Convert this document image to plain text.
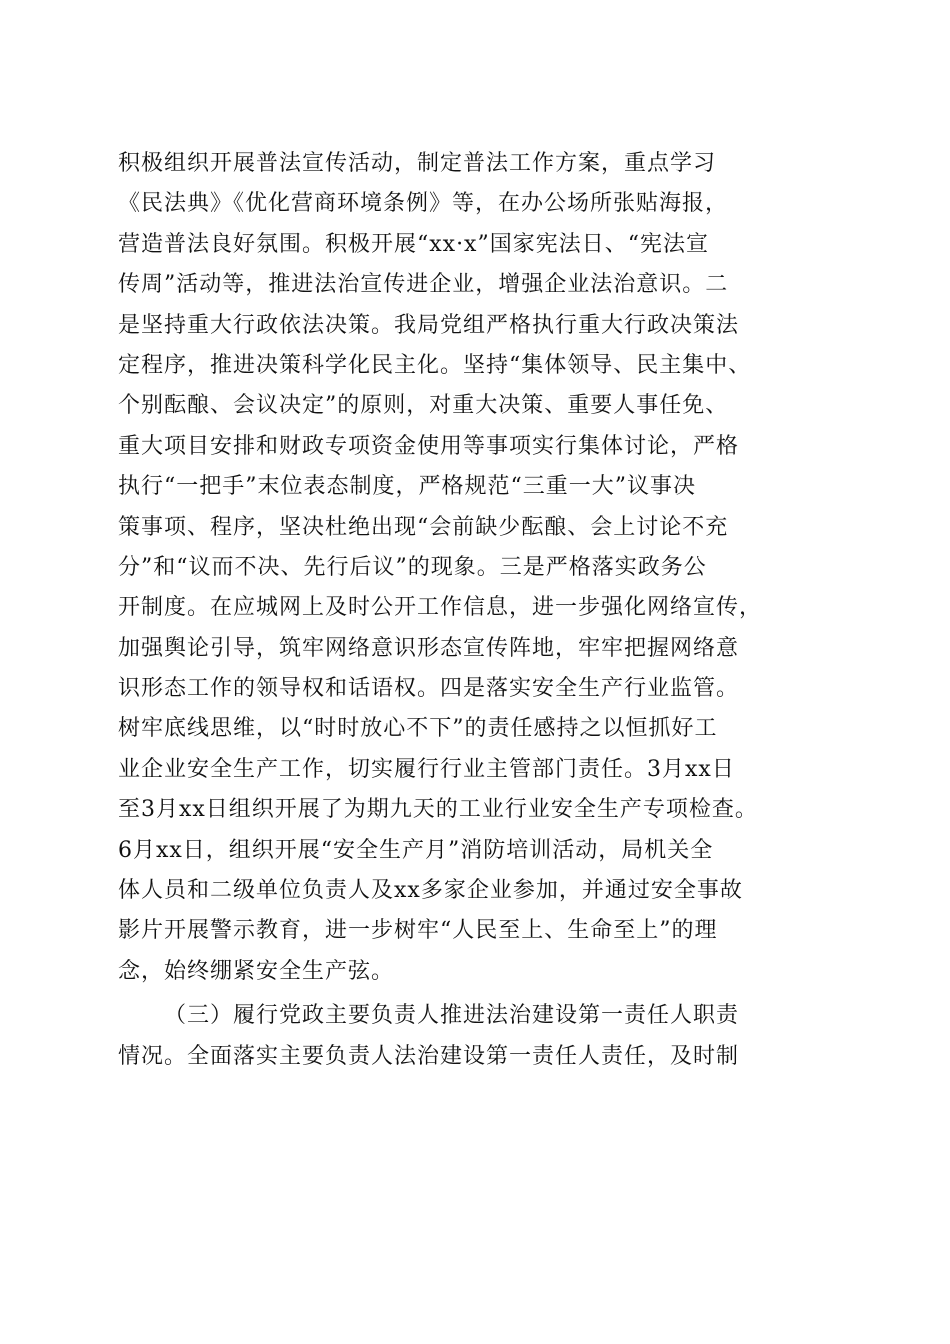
积极组织开展普法宣传活动，制定普法工作方案，重点学习
《民法典》《优化营商环境条例》等，在办公场所张贴海报，
营造普法良好氛围。积极开展“xx·x”国家宪法日、“宪法宣
传周”活动等，推进法治宣传进企业，增强企业法治意识。二
是坚持重大行政依法决策。我局党组严格执行重大行政决策法
定程序，推进决策科学化民主化。坚持“集体领导、民主集中、
个别酝酿、会议决定”的原则，对重大决策、重要人事任免、
重大项目安排和财政专项资金使用等事项实行集体讨论，严格
执行“一把手”末位表态制度，严格规范“三重一大”议事决
策事项、程序，坚决杜绝出现“会前缺少酝酿、会上讨论不充
分”和“议而不决、先行后议”的现象。三是严格落实政务公
开制度。在应城网上及时公开工作信息，进一步强化网络宣传，
加强舆论引导，筑牢网络意识形态宣传阵地，牢牢把握网络意
识形态工作的领导权和话语权。四是落实安全生产行业监管。
树牢底线思维，以“时时放心不下”的责任感持之以恒抓好工
业企业安全生产工作，切实履行行业主管部门责任。3月xx日
至3月xx日组织开展了为期九天的工业行业安全生产专项检查。
6月xx日，组织开展“安全生产月”消防培训活动，局机关全
体人员和二级单位负责人及xx多家企业参加，并通过安全事故
影片开展警示教育，进一步树牢“人民至上、生命至上”的理
念，始终绷紧安全生产弦。
（三）履行党政主要负责人推进法治建设第一责任人职责
情况。全面落实主要负责人法治建设第一责任人责任，及时制
